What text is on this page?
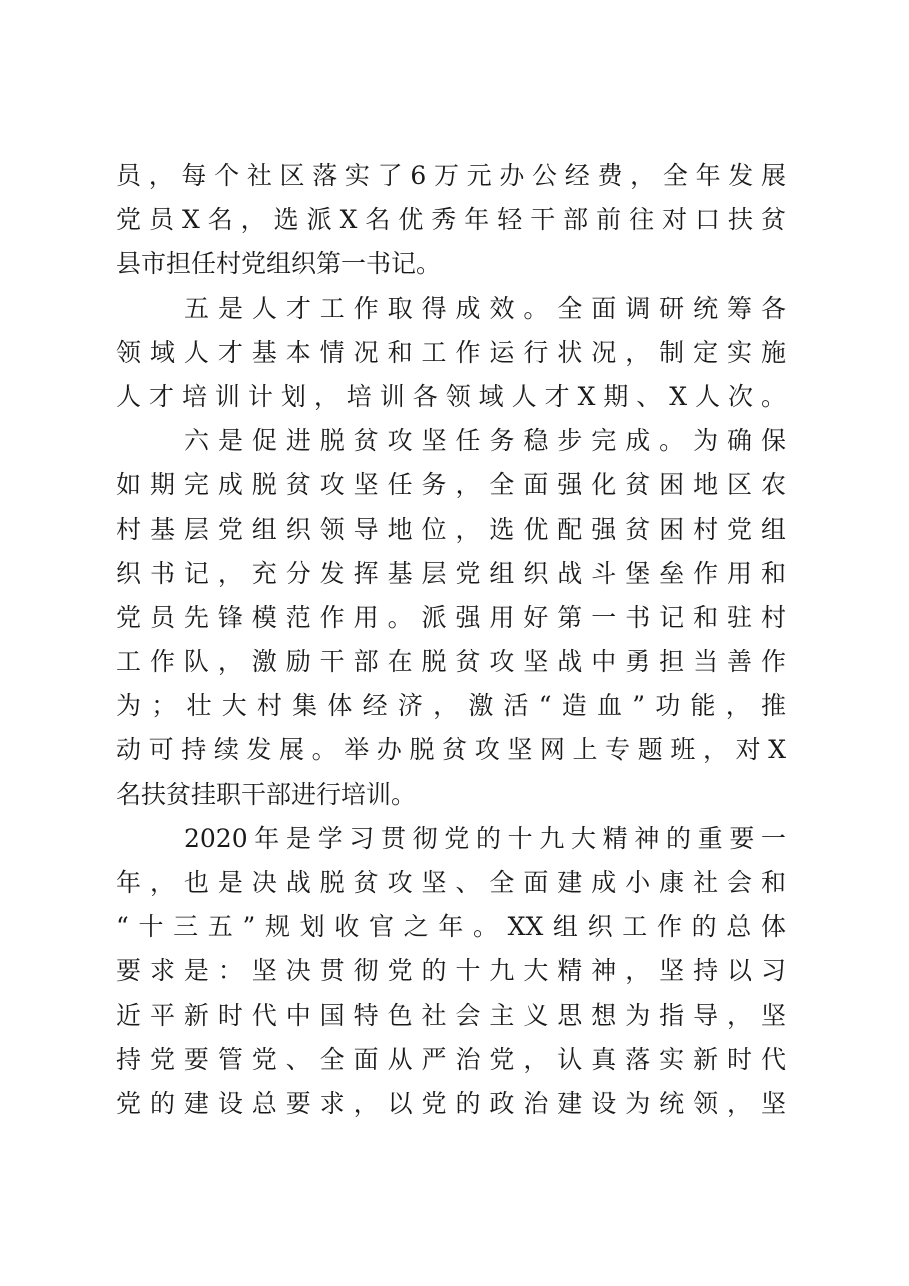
员，每个社区落实了6万元办公经费，全年发展
党员X名，选派X名优秀年轻干部前往对口扶贫
县市担任村党组织第一书记。
五是人才工作取得成效。全面调研统筹各
领域人才基本情况和工作运行状况，制定实施
人才培训计划，培训各领域人才X期、X人次。
六是促进脱贫攻坚任务稳步完成。为确保
如期完成脱贫攻坚任务，全面强化贫困地区农
村基层党组织领导地位，选优配强贫困村党组
织书记，充分发挥基层党组织战斗堡垒作用和
党员先锋模范作用。派强用好第一书记和驻村
工作队，激励干部在脱贫攻坚战中勇担当善作
为；壮大村集体经济，激活“造血”功能，推
动可持续发展。举办脱贫攻坚网上专题班，对X
名扶贫挂职干部进行培训。
2020年是学习贯彻党的十九大精神的重要一
年，也是决战脱贫攻坚、全面建成小康社会和
“十三五”规划收官之年。XX组织工作的总体
要求是：坚决贯彻党的十九大精神，坚持以习
近平新时代中国特色社会主义思想为指导，坚
持党要管党、全面从严治党，认真落实新时代
党的建设总要求，以党的政治建设为统领，坚
